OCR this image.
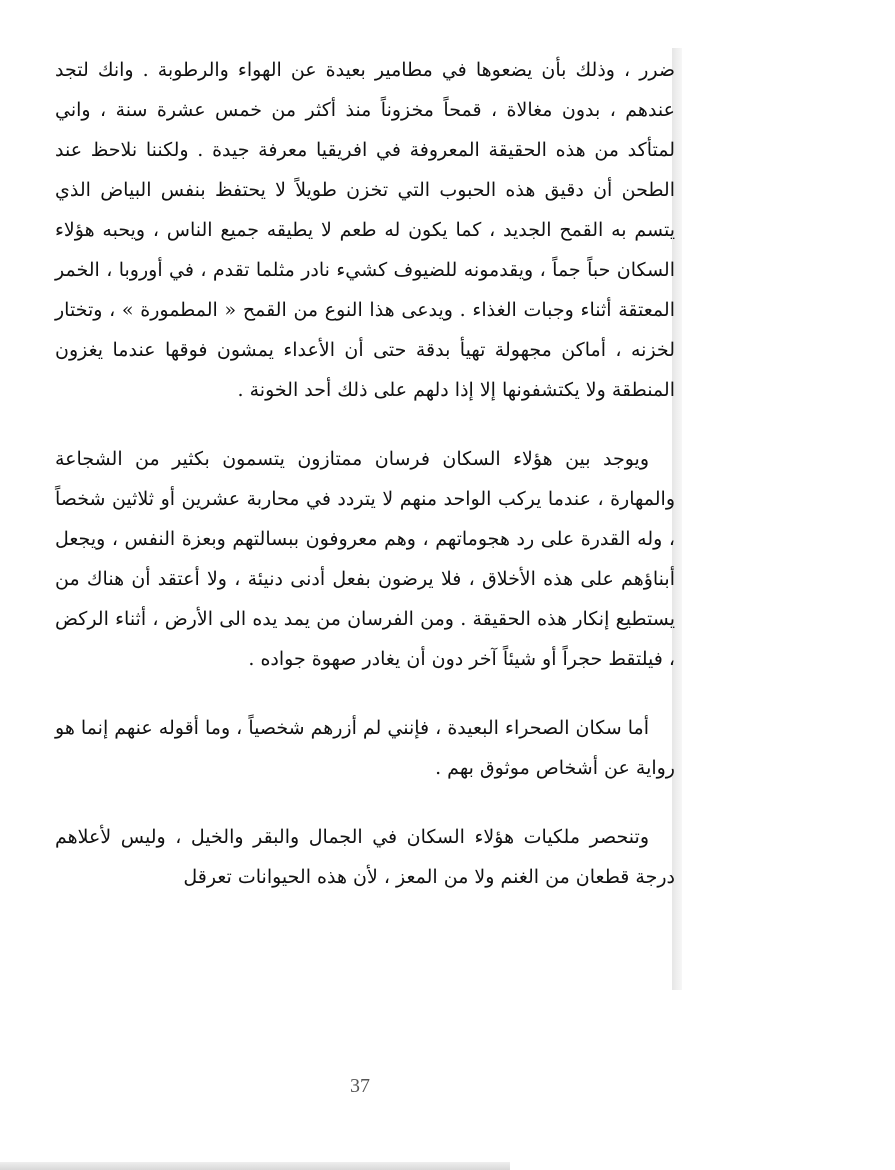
ضرر ، وذلك بأن يضعوها في مطامير بعيدة عن الهواء والرطوبة . وانك لتجد عندهم ، بدون مغالاة ، قمحاً مخزوناً منذ أكثر من خمس عشرة سنة ، واني لمتأكد من هذه الحقيقة المعروفة في افريقيا معرفة جيدة . ولكننا نلاحظ عند الطحن أن دقيق هذه الحبوب التي تخزن طويلاً لا يحتفظ بنفس البياض الذي يتسم به القمح الجديد ، كما يكون له طعم لا يطيقه جميع الناس ، ويحبه هؤلاء السكان حباً جماً ، ويقدمونه للضيوف كشيء نادر مثلما تقدم ، في أوروبا ، الخمر المعتقة أثناء وجبات الغذاء . ويدعى هذا النوع من القمح « المطمورة » ، وتختار لخزنه ، أماكن مجهولة تهيأ بدقة حتى أن الأعداء يمشون فوقها عندما يغزون المنطقة ولا يكتشفونها إلا إذا دلهم على ذلك أحد الخونة .

ويوجد بين هؤلاء السكان فرسان ممتازون يتسمون بكثير من الشجاعة والمهارة ، عندما يركب الواحد منهم لا يتردد في محاربة عشرين أو ثلاثين شخصاً ، وله القدرة على رد هجوماتهم ، وهم معروفون ببسالتهم وبعزة النفس ، ويجعل أبناؤهم على هذه الأخلاق ، فلا يرضون بفعل أدنى دنيئة ، ولا أعتقد أن هناك من يستطيع إنكار هذه الحقيقة . ومن الفرسان من يمد يده الى الأرض ، أثناء الركض ، فيلتقط حجراً أو شيئاً آخر دون أن يغادر صهوة جواده .

أما سكان الصحراء البعيدة ، فإنني لم أزرهم شخصياً ، وما أقوله عنهم إنما هو رواية عن أشخاص موثوق بهم .

وتنحصر ملكيات هؤلاء السكان في الجمال والبقر والخيل ، وليس لأعلاهم درجة قطعان من الغنم ولا من المعز ، لأن هذه الحيوانات تعرقل

37
